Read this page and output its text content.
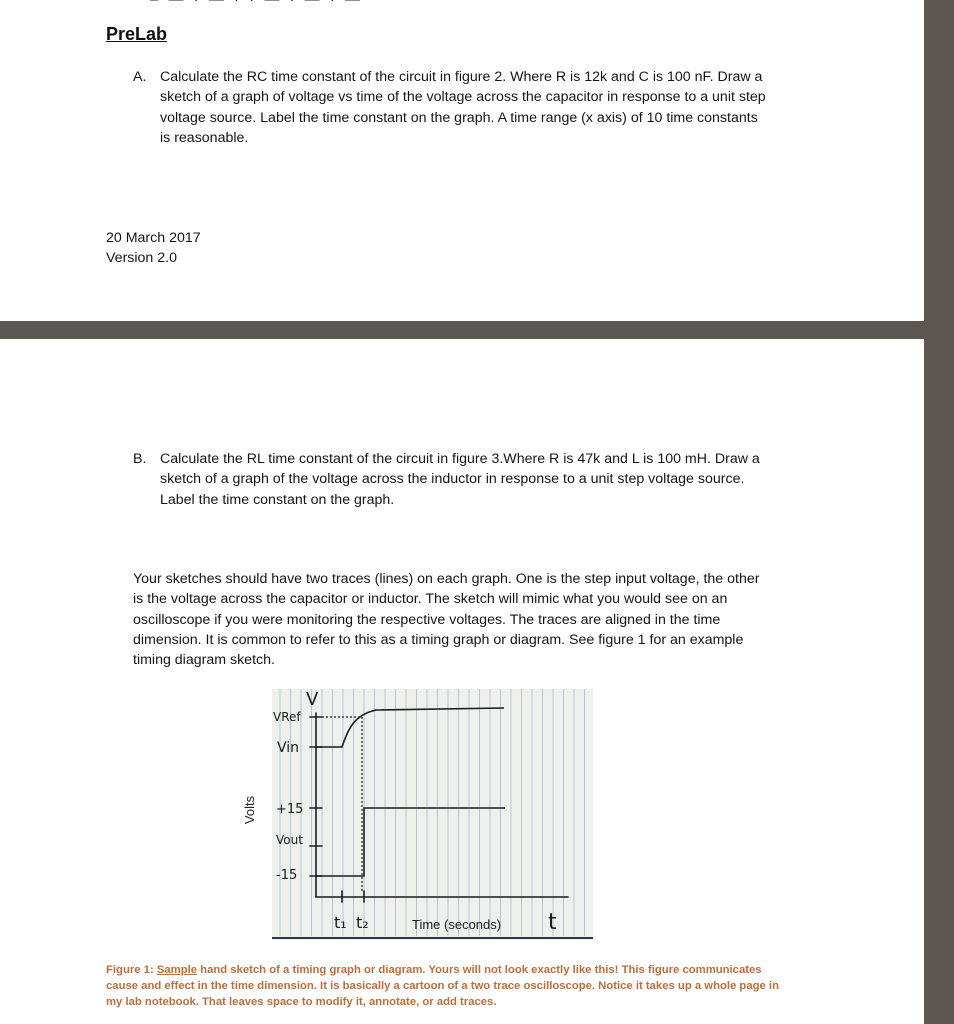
PreLab
A. Calculate the RC time constant of the circuit in figure 2. Where R is 12k and C is 100 nF. Draw a
sketch of a graph of voltage vs time of the voltage across the capacitor in response to a unit step
voltage source. Label the time constant on the graph. A time range (x axis) of 10 time constants
is reasonable.
20 March 2017
Version 2.0
B. Calculate the RL time constant of the circuit in figure 3.Where R is 47k and L is 100 mH. Draw a
sketch of a graph of the voltage across the inductor in response to a unit step voltage source.
Label the time constant on the graph.
Your sketches should have two traces (lines) on each graph. One is the step input voltage, the other
is the voltage across the capacitor or inductor. The sketch will mimic what you would see on an
oscilloscope if you were monitoring the respective voltages. The traces are aligned in the time
dimension. It is common to refer to this as a timing graph or diagram. See figure 1 for an example
timing diagram sketch.
Figure 1: Sample hand sketch of a timing graph or diagram. Yours will not look exactly like this! This figure communicates
cause and effect in the time dimension. It is basically a cartoon of a two trace oscilloscope. Notice it takes up a whole page in
my lab notebook. That leaves space to modify it, annotate, or add traces.
Volts
V
VRef
Vin
+15
Vout
-15
t₁ t₂	t
Time (seconds)
